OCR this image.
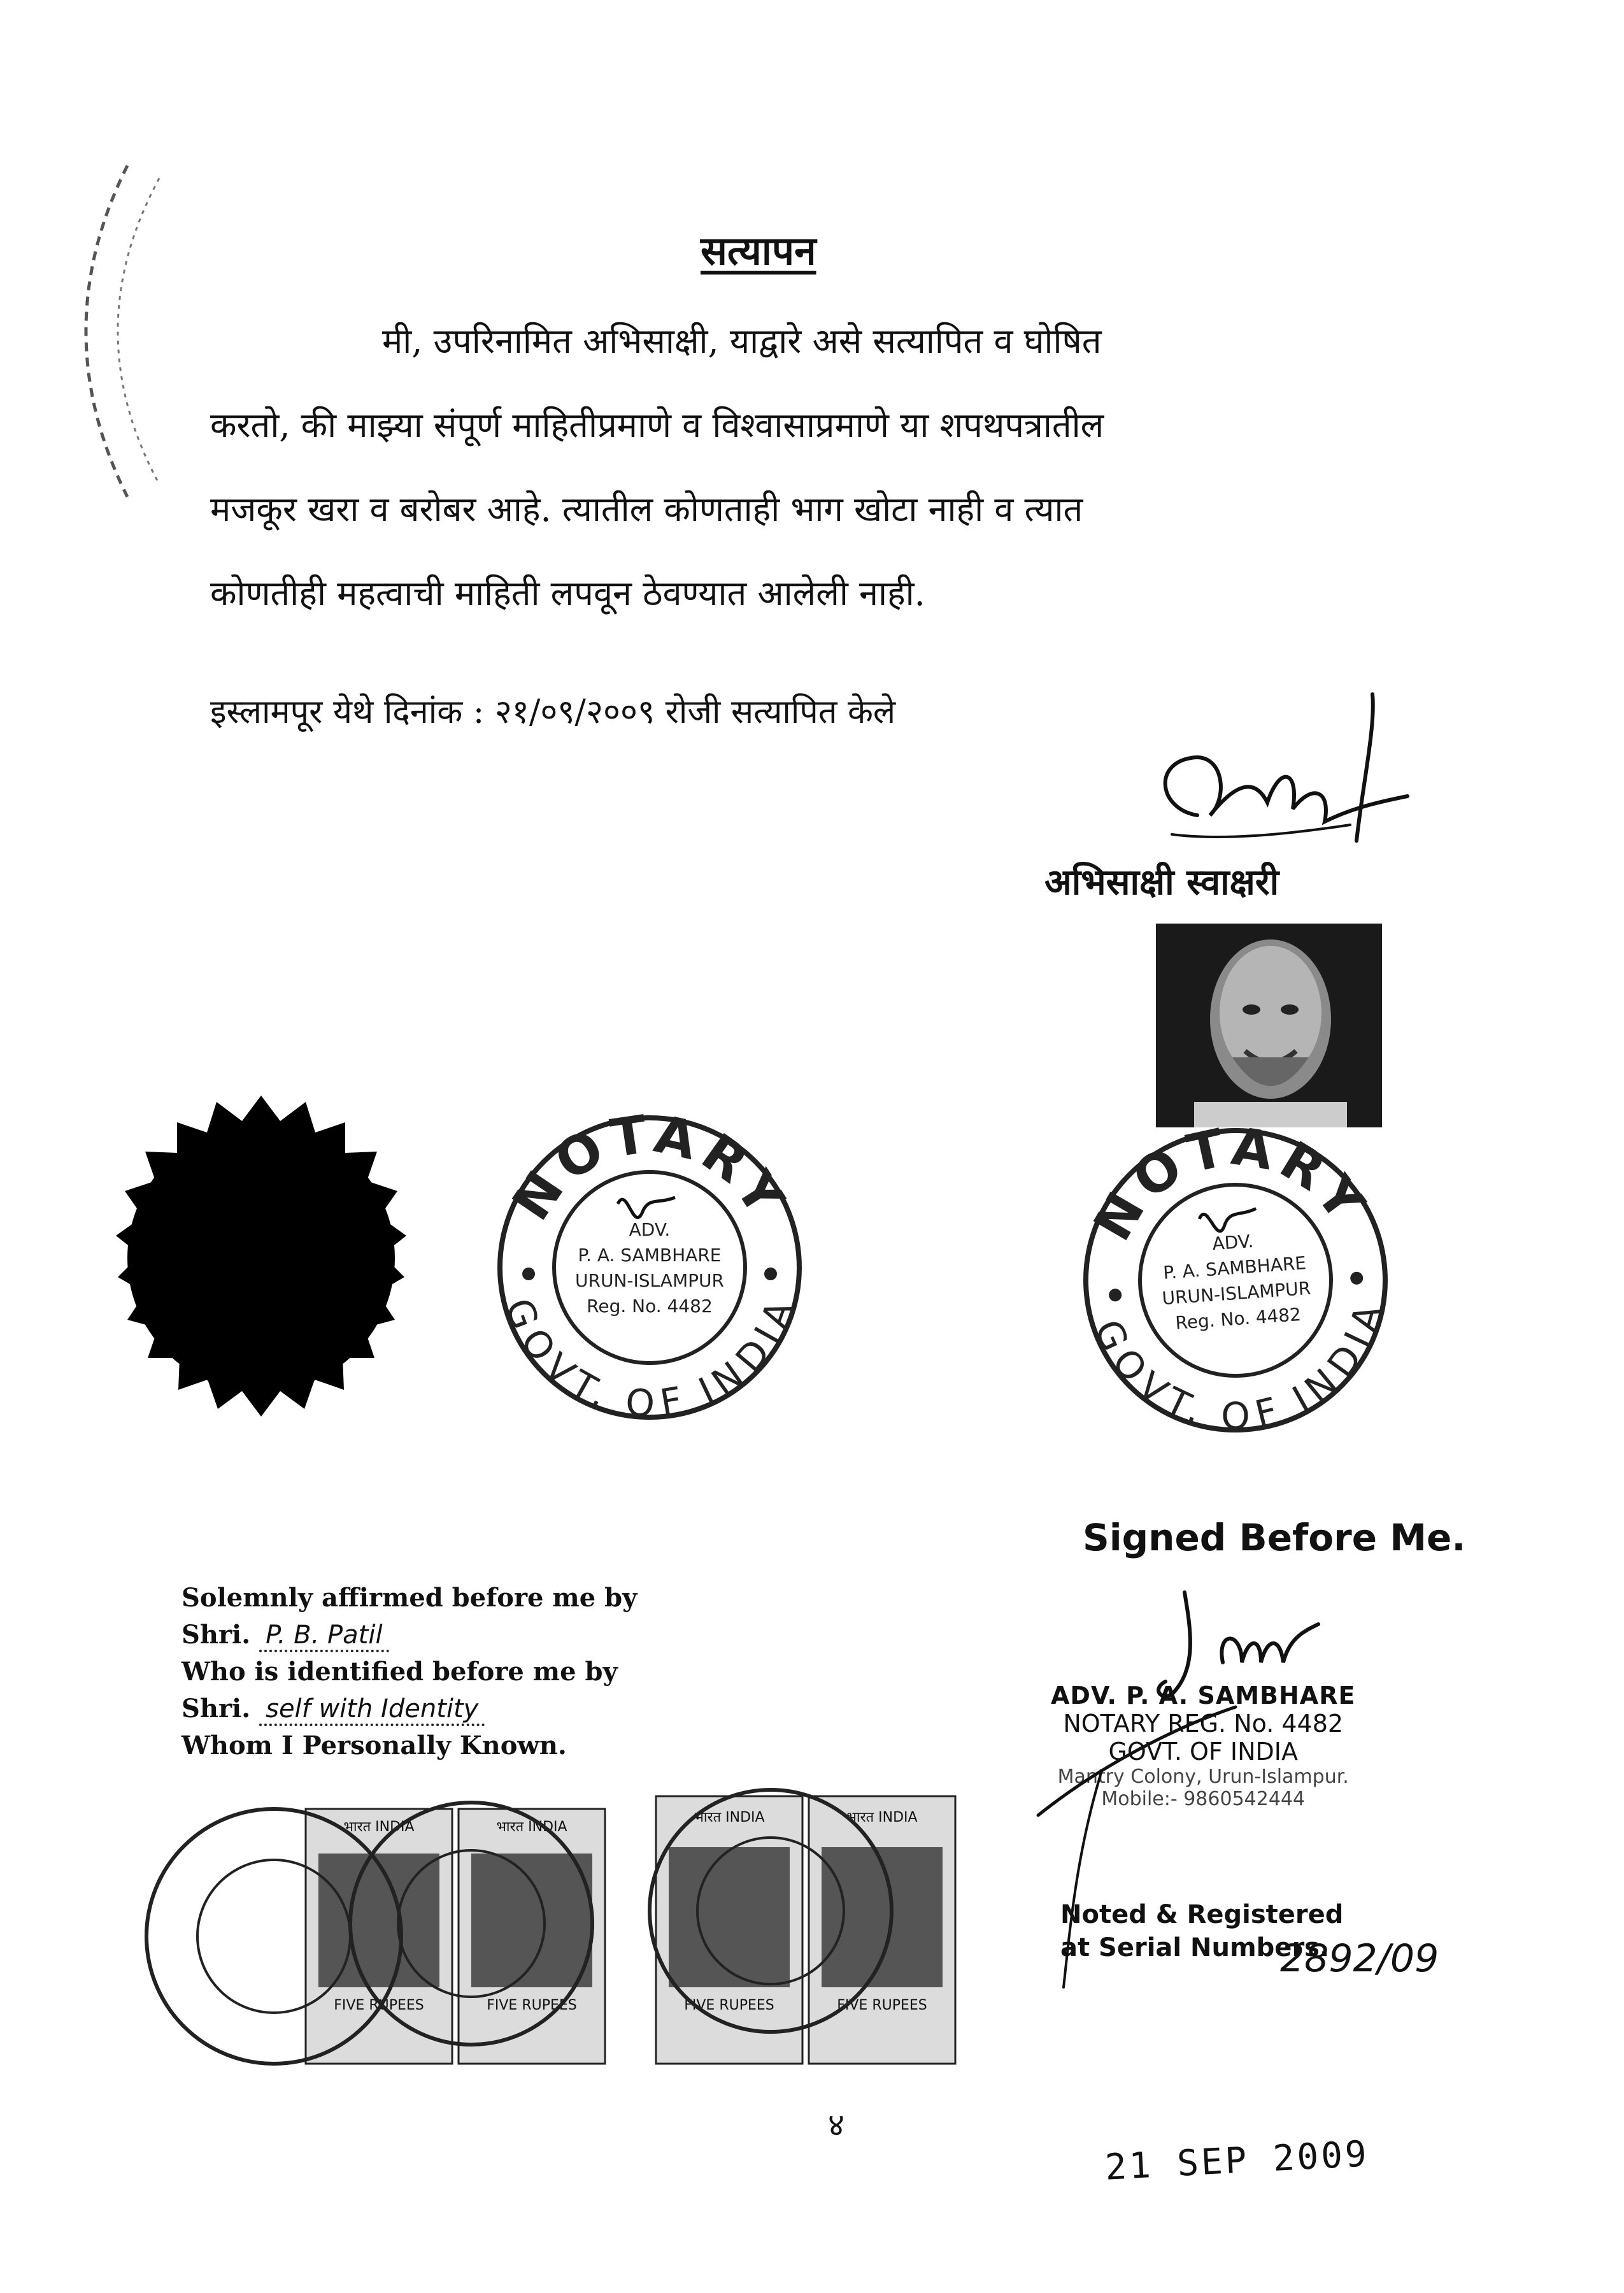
सत्यापन
मी, उपरिनामित अभिसाक्षी, याद्वारे असे सत्यापित व घोषित
करतो, की माझ्या संपूर्ण माहितीप्रमाणे व विश्वासाप्रमाणे या शपथपत्रातील
मजकूर खरा व बरोबर आहे. त्यातील कोणताही भाग खोटा नाही व त्यात
कोणतीही महत्वाची माहिती लपवून ठेवण्यात आलेली नाही.
इस्लामपूर येथे दिनांक : २१/०९/२००९ रोजी सत्यापित केले
अभिसाक्षी स्वाक्षरी
NOTARY
GOVT. OF INDIA
ADV.
P. A. SAMBHARE
URUN-ISLAMPUR
Reg. No. 4482
NOTARY
GOVT. OF INDIA
ADV.
P. A. SAMBHARE
URUN-ISLAMPUR
Reg. No. 4482
Signed Before Me.
Solemnly affirmed before me by
Shri. P. B. Patil
Who is identified before me by
Shri. self with Identity
Whom I Personally Known.
ADV. P. A. SAMBHARE
NOTARY REG. No. 4482
GOVT. OF INDIA
Mantry Colony, Urun-Islampur.
Mobile:- 9860542444
Noted & Registered
at Serial Numbers.
2892/09
भारत INDIA
FIVE RUPEES
भारत INDIA
FIVE RUPEES
भारत INDIA
FIVE RUPEES
भारत INDIA
FIVE RUPEES
४
21 SEP 2009
